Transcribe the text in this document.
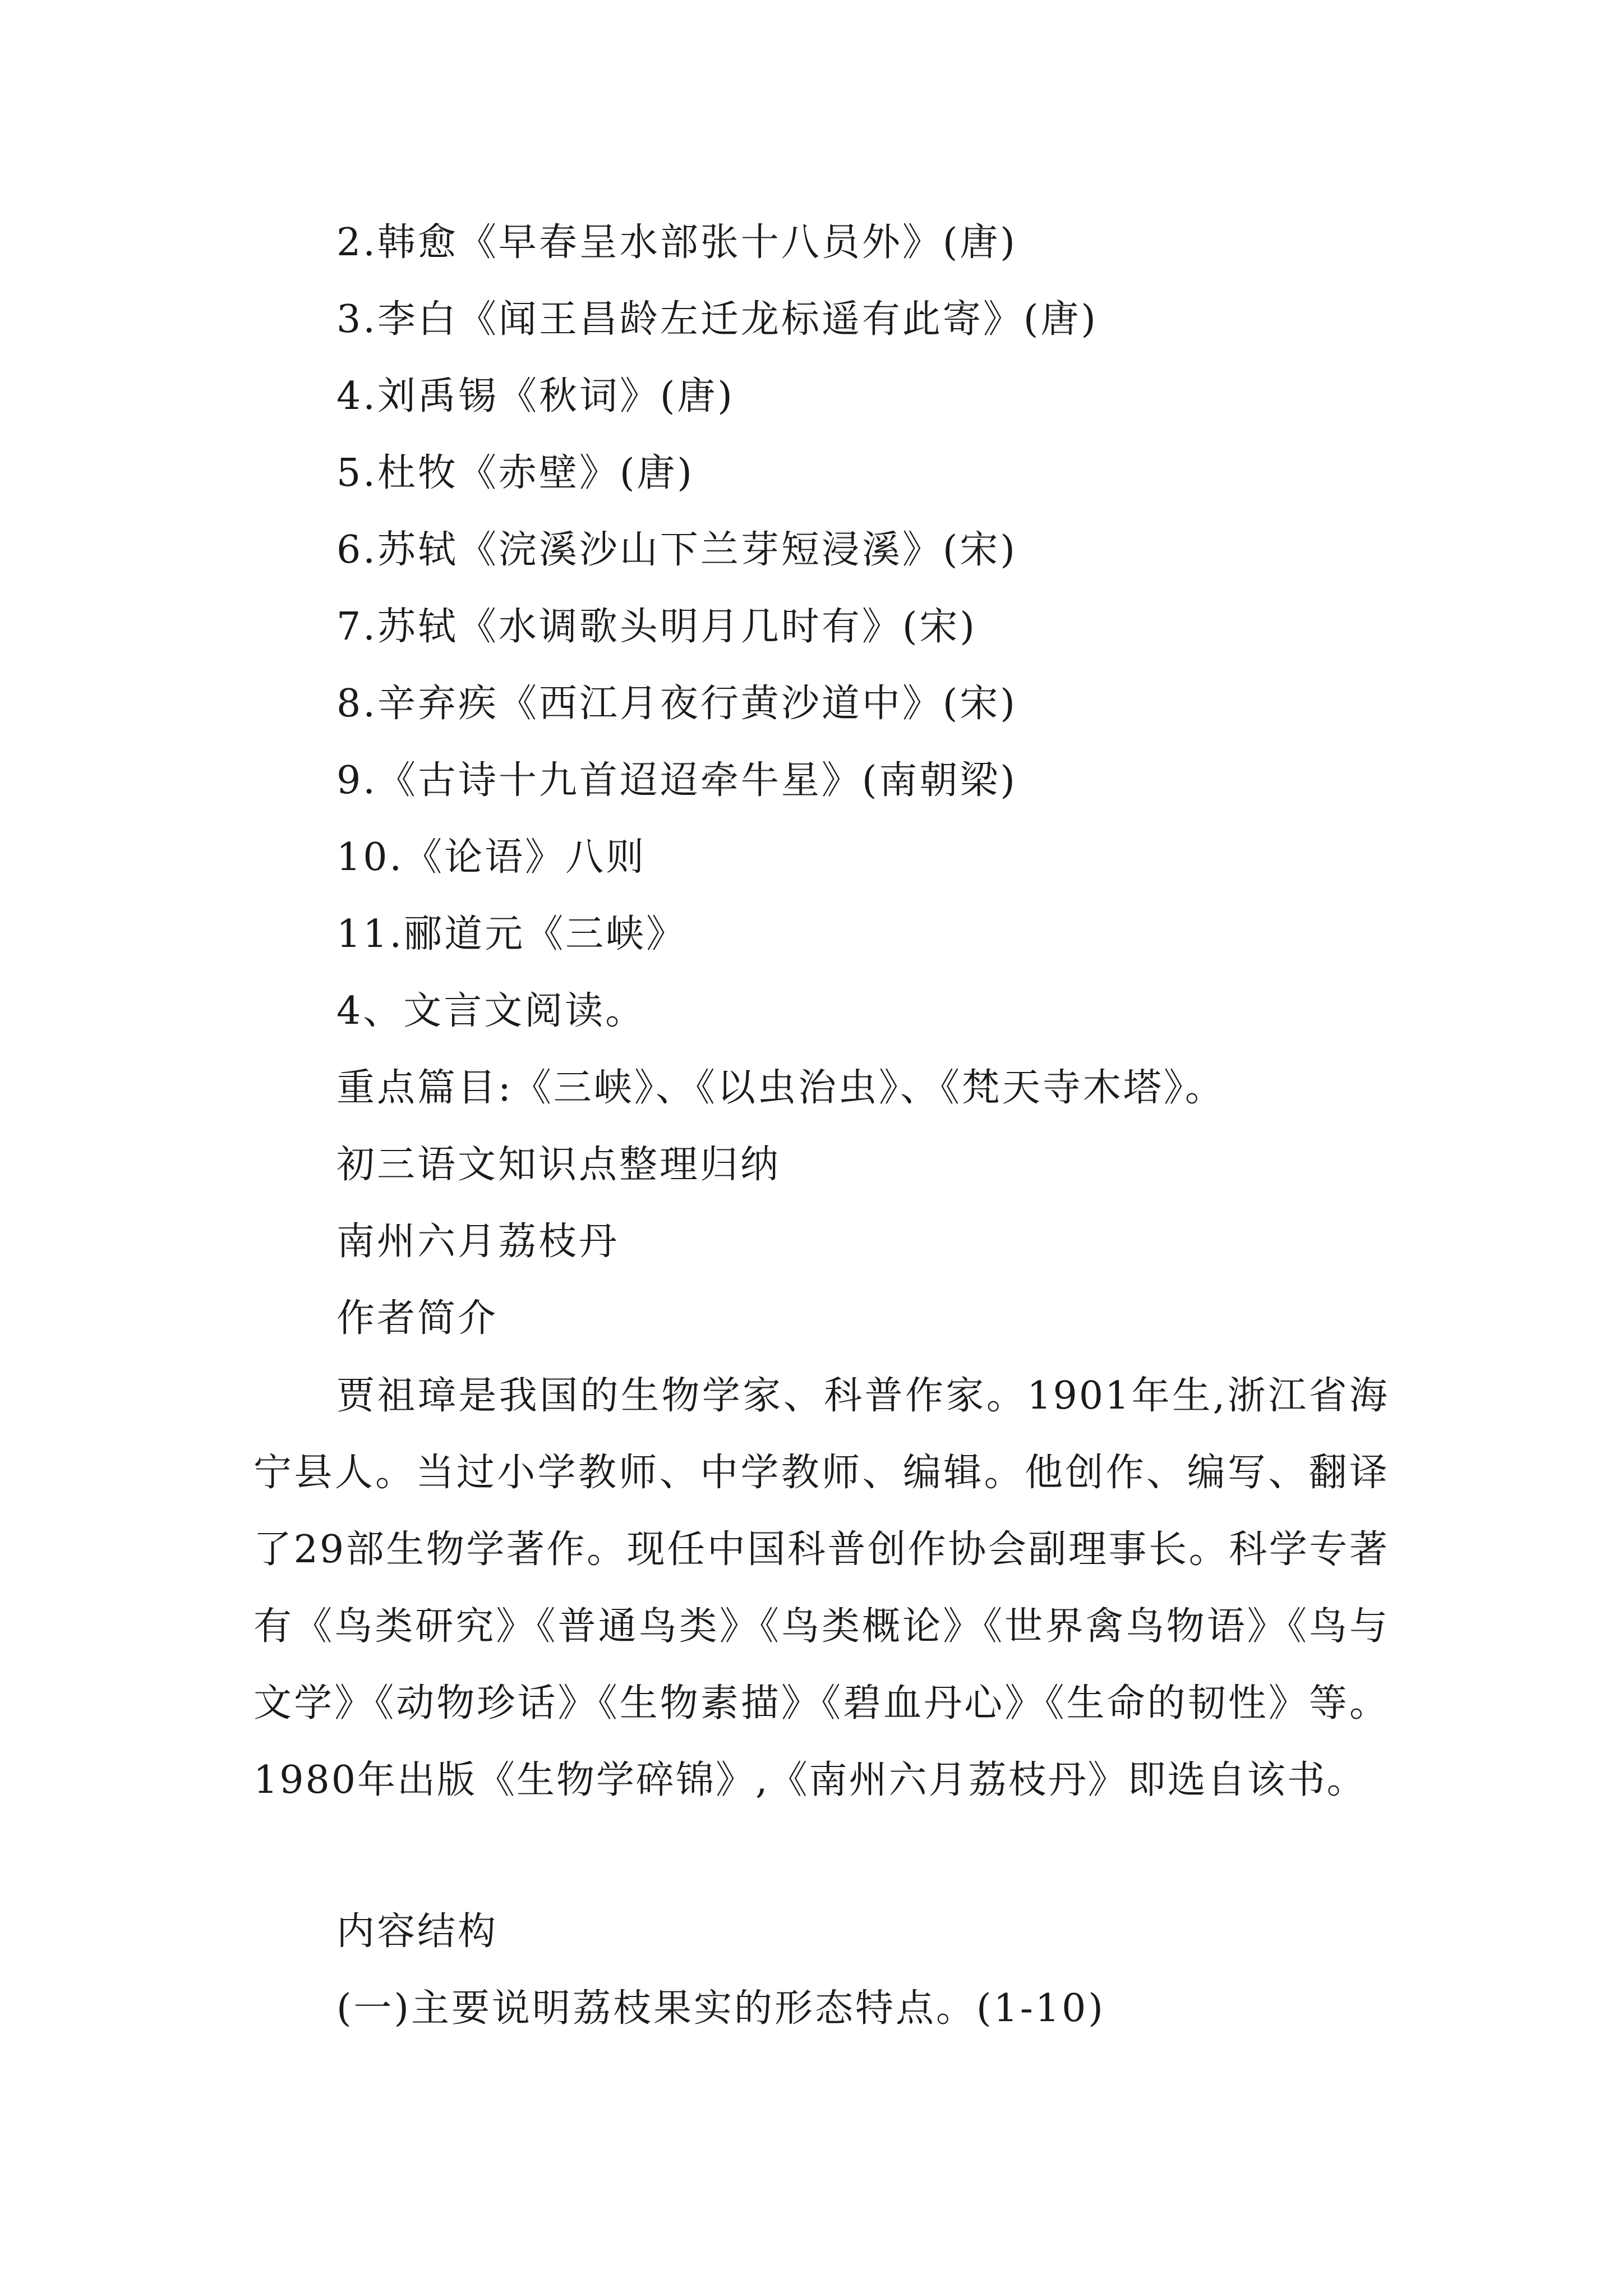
2.韩愈《早春呈水部张十八员外》(唐)
3.李白《闻王昌龄左迁龙标遥有此寄》(唐)
4.刘禹锡《秋词》(唐)
5.杜牧《赤壁》(唐)
6.苏轼《浣溪沙山下兰芽短浸溪》(宋)
7.苏轼《水调歌头明月几时有》(宋)
8.辛弃疾《西江月夜行黄沙道中》(宋)
9.《古诗十九首迢迢牵牛星》(南朝梁)
10.《论语》八则
11.郦道元《三峡》
4、文言文阅读。
重点篇目:《三峡》、《以虫治虫》、《梵天寺木塔》。
初三语文知识点整理归纳
南州六月荔枝丹
作者简介
贾祖璋是我国的生物学家、科普作家。1901年生,浙江省海宁县人。当过小学教师、中学教师、编辑。他创作、编写、翻译了29部生物学著作。现任中国科普创作协会副理事长。科学专著有《鸟类研究》《普通鸟类》《鸟类概论》《世界禽鸟物语》《鸟与文学》《动物珍话》《生物素描》《碧血丹心》《生命的韧性》等。1980年出版《生物学碎锦》,《南州六月荔枝丹》即选自该书。
内容结构
(一)主要说明荔枝果实的形态特点。(1-10)
